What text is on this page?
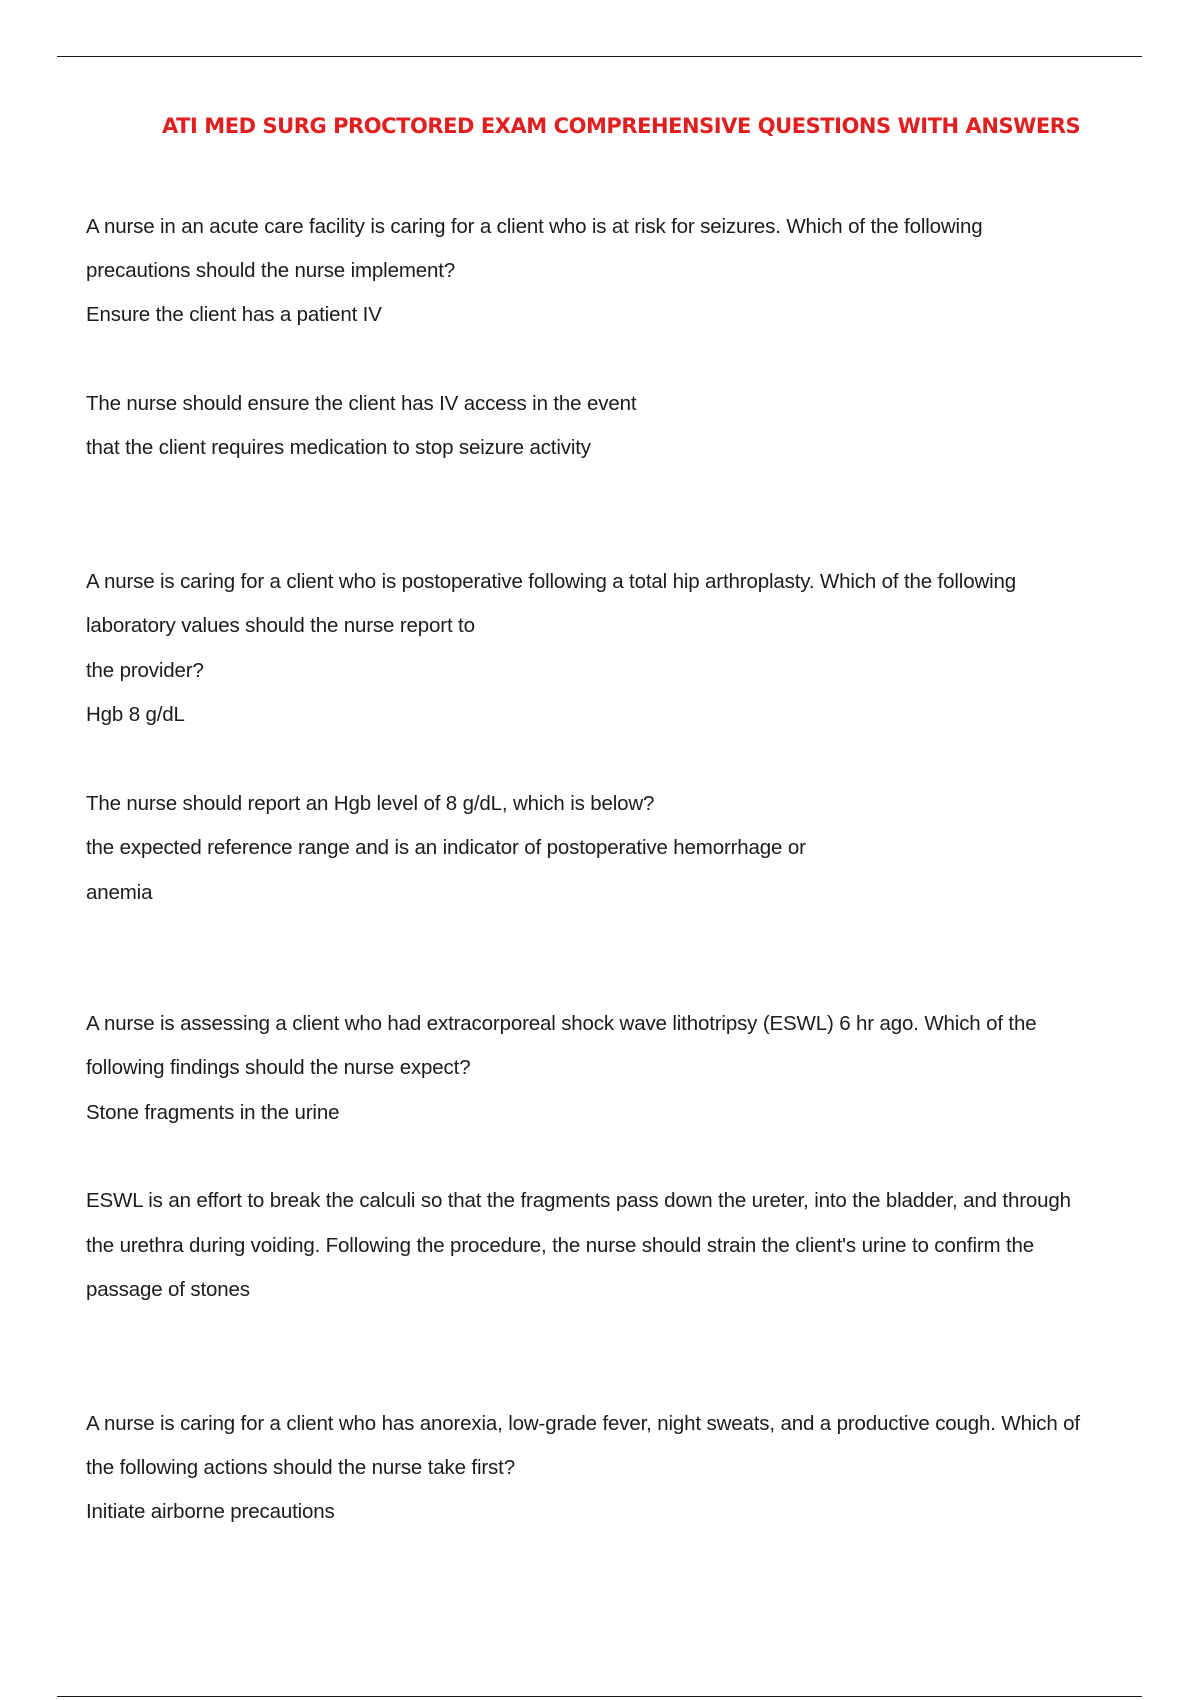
ATI MED SURG PROCTORED EXAM COMPREHENSIVE QUESTIONS WITH ANSWERS
A nurse in an acute care facility is caring for a client who is at risk for seizures. Which of the following
precautions should the nurse implement?
Ensure the client has a patient IV
The nurse should ensure the client has IV access in the event
that the client requires medication to stop seizure activity
A nurse is caring for a client who is postoperative following a total hip arthroplasty. Which of the following
laboratory values should the nurse report to
the provider?
Hgb 8 g/dL
The nurse should report an Hgb level of 8 g/dL, which is below?
the expected reference range and is an indicator of postoperative hemorrhage or
anemia
A nurse is assessing a client who had extracorporeal shock wave lithotripsy (ESWL) 6 hr ago. Which of the
following findings should the nurse expect?
Stone fragments in the urine
ESWL is an effort to break the calculi so that the fragments pass down the ureter, into the bladder, and through
the urethra during voiding. Following the procedure, the nurse should strain the client's urine to confirm the
passage of stones
A nurse is caring for a client who has anorexia, low-grade fever, night sweats, and a productive cough. Which of
the following actions should the nurse take first?
Initiate airborne precautions
